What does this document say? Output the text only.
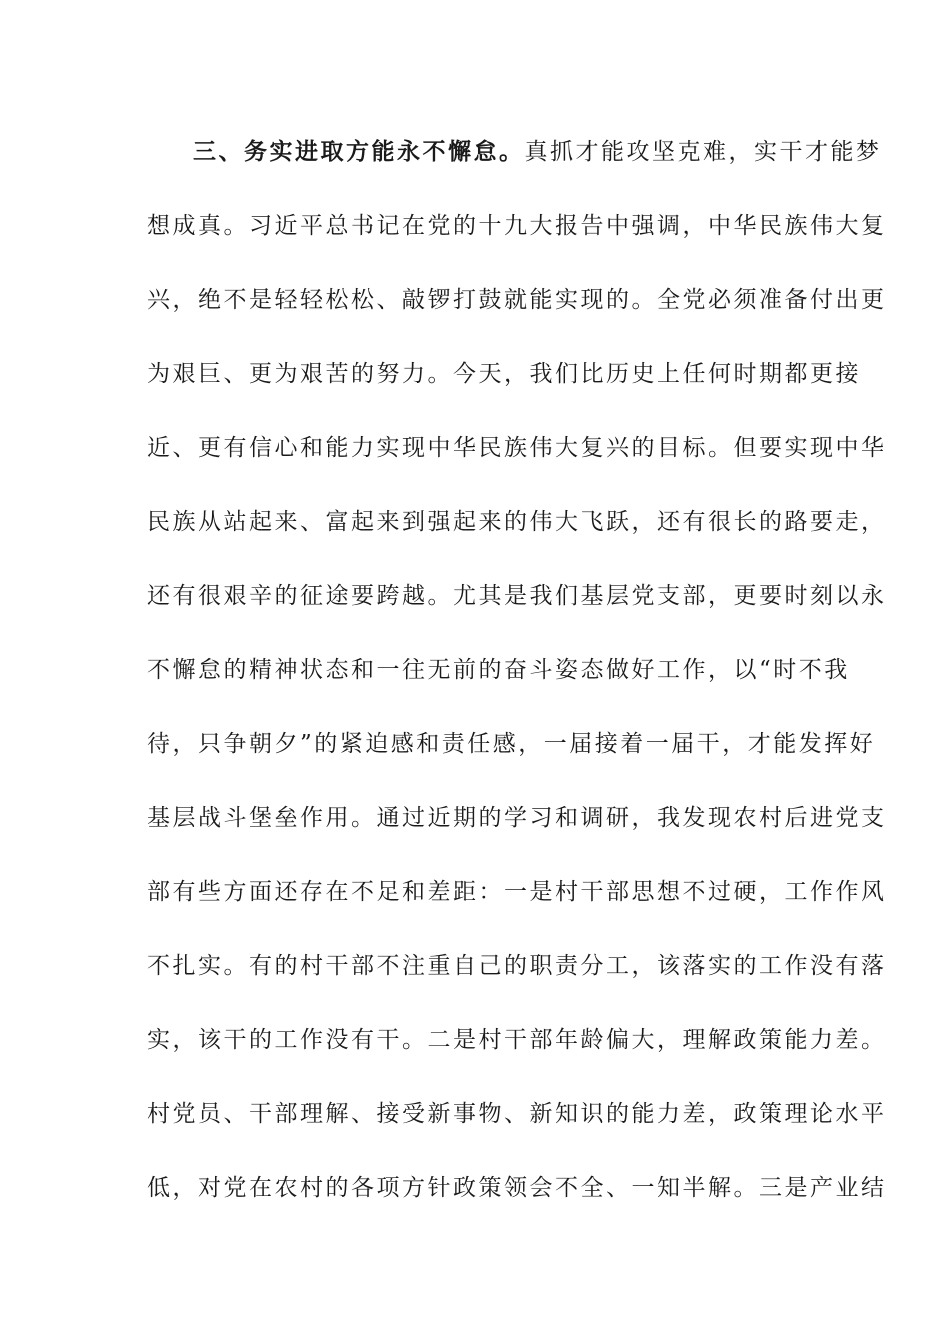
三、务实进取方能永不懈怠。真抓才能攻坚克难，实干才能梦
想成真。习近平总书记在党的十九大报告中强调，中华民族伟大复
兴，绝不是轻轻松松、敲锣打鼓就能实现的。全党必须准备付出更
为艰巨、更为艰苦的努力。今天，我们比历史上任何时期都更接
近、更有信心和能力实现中华民族伟大复兴的目标。但要实现中华
民族从站起来、富起来到强起来的伟大飞跃，还有很长的路要走，
还有很艰辛的征途要跨越。尤其是我们基层党支部，更要时刻以永
不懈怠的精神状态和一往无前的奋斗姿态做好工作，以“时不我
待，只争朝夕”的紧迫感和责任感，一届接着一届干，才能发挥好
基层战斗堡垒作用。通过近期的学习和调研，我发现农村后进党支
部有些方面还存在不足和差距：一是村干部思想不过硬，工作作风
不扎实。有的村干部不注重自己的职责分工，该落实的工作没有落
实，该干的工作没有干。二是村干部年龄偏大，理解政策能力差。
村党员、干部理解、接受新事物、新知识的能力差，政策理论水平
低，对党在农村的各项方针政策领会不全、一知半解。三是产业结
